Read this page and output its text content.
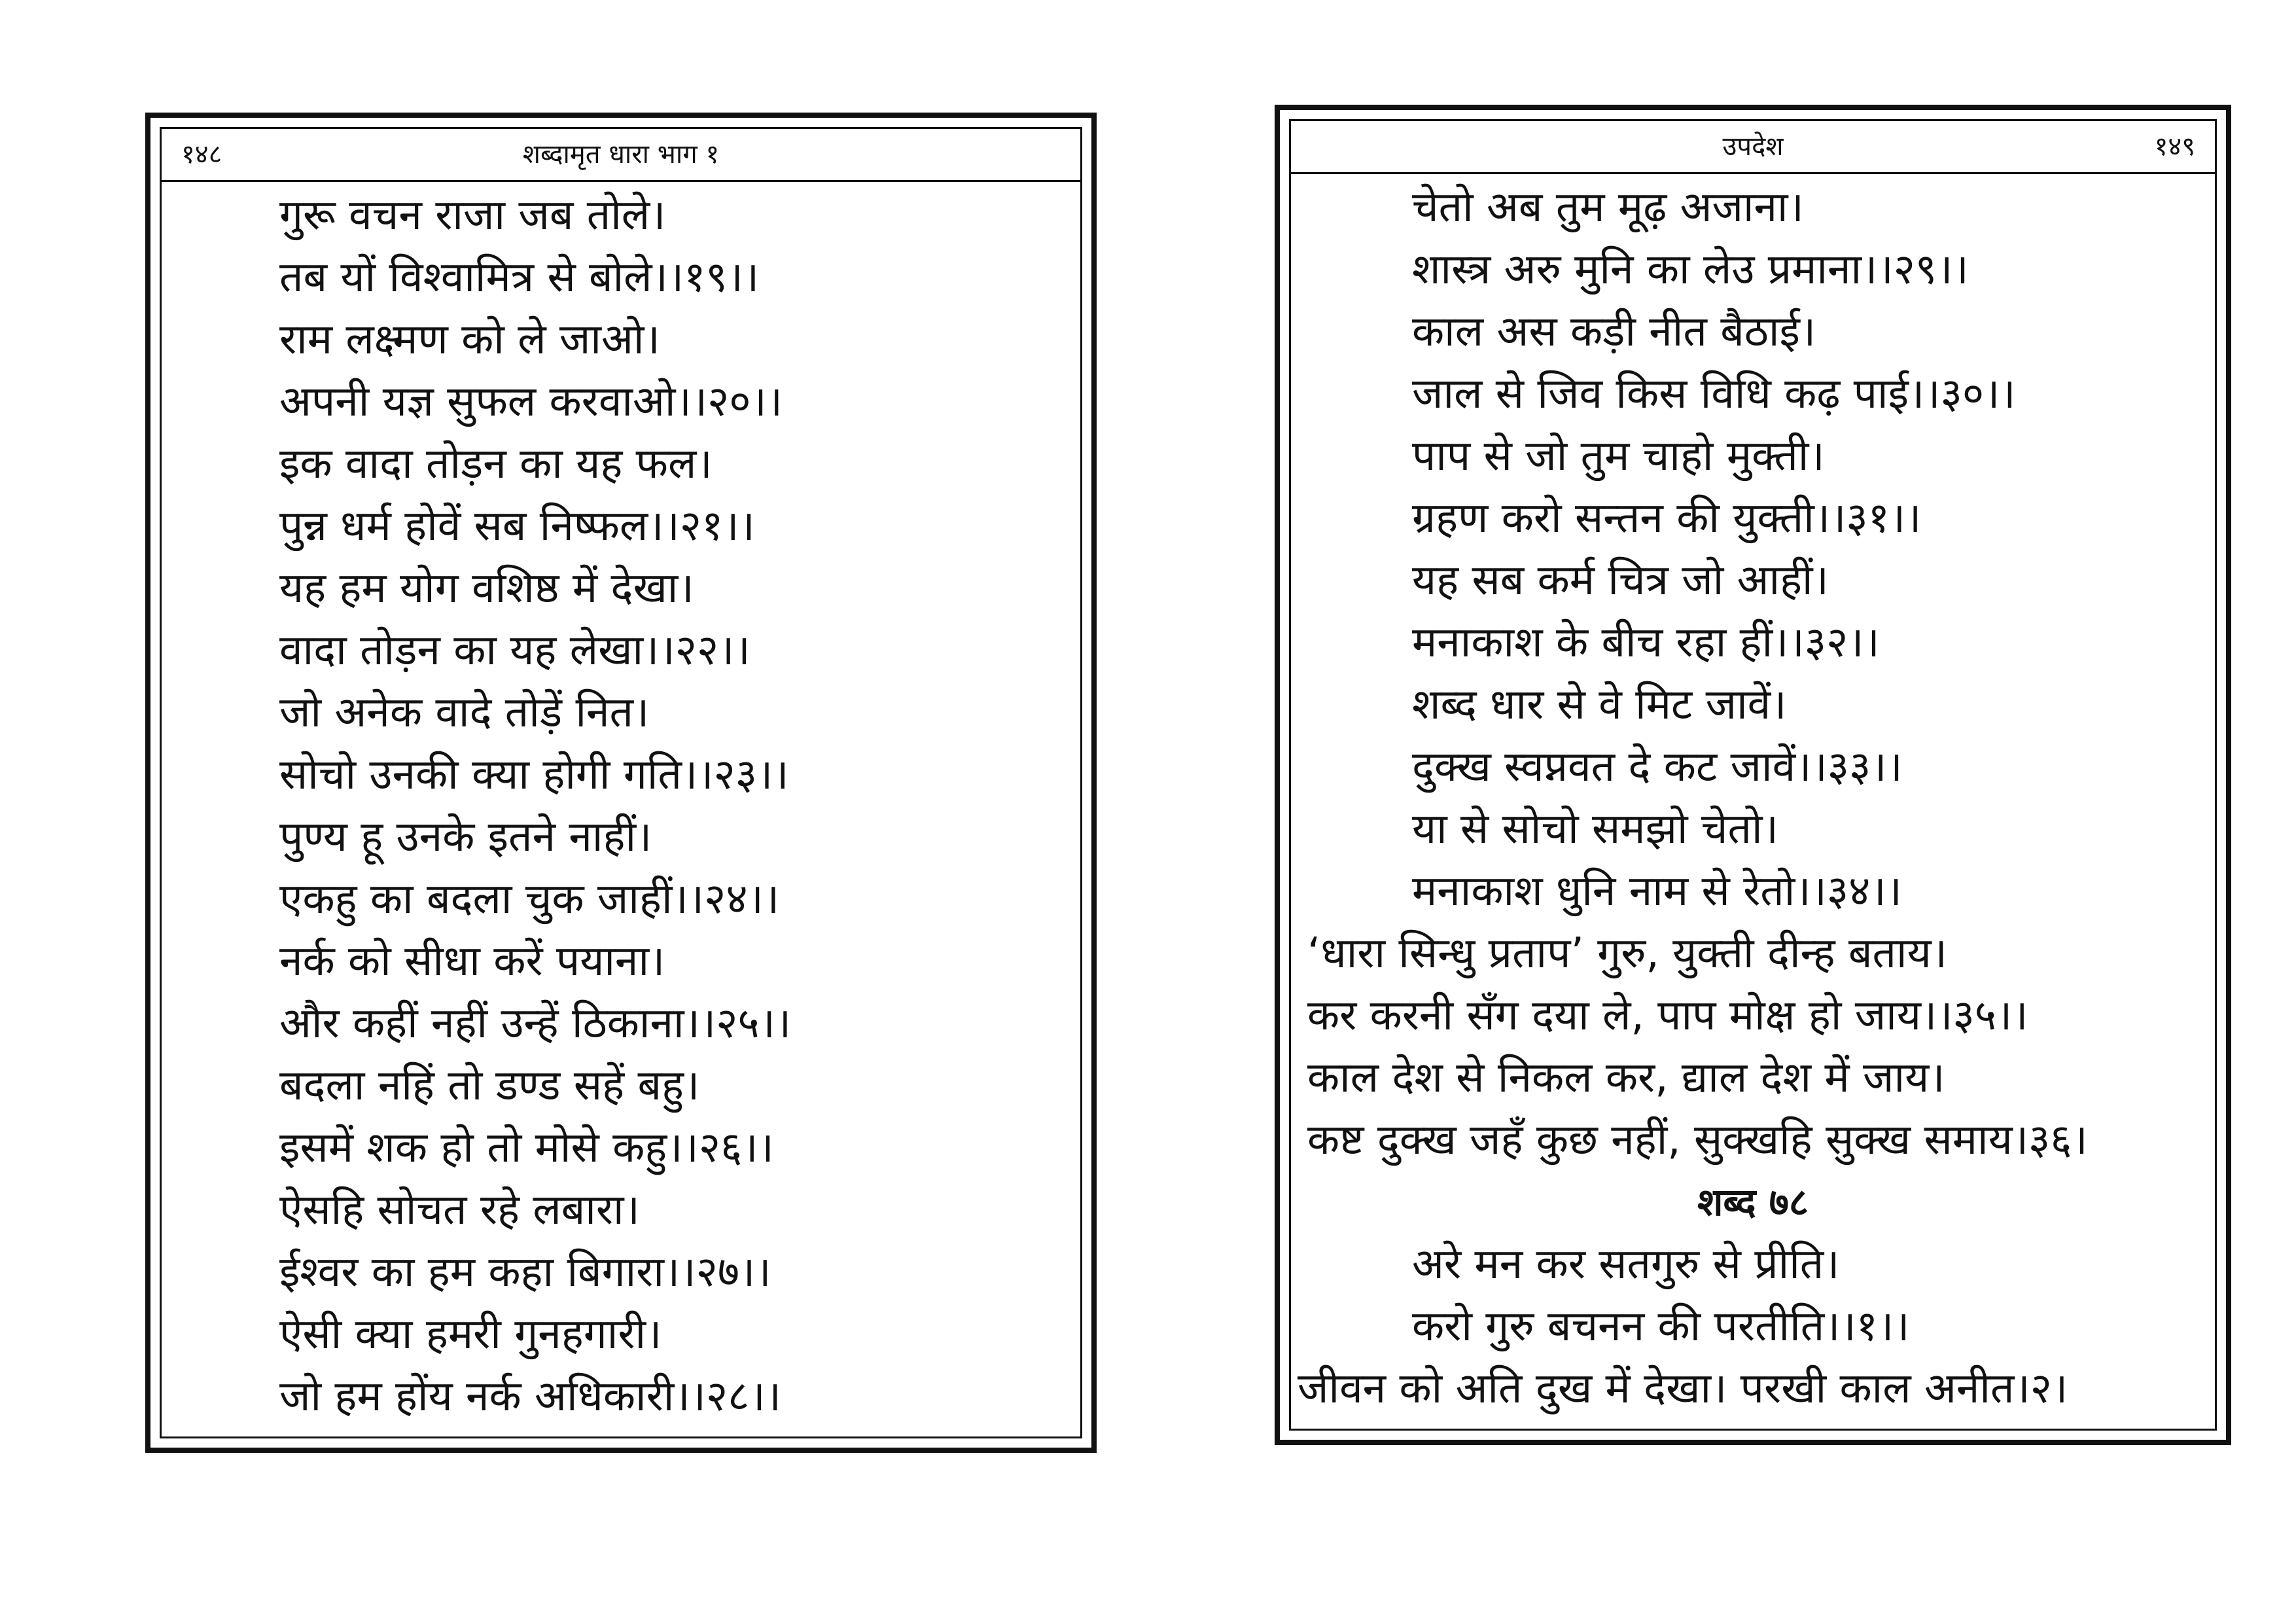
१४८	शब्दामृत धारा भाग १
गुरू वचन राजा जब तोले।
तब यों विश्वामित्र से बोले।।१९।।
राम लक्ष्मण को ले जाओ।
अपनी यज्ञ सुफल करवाओ।।२०।।
इक वादा तोड़न का यह फल।
पुन्न धर्म होवें सब निष्फल।।२१।।
यह हम योग वशिष्ठ में देखा।
वादा तोड़न का यह लेखा।।२२।।
जो अनेक वादे तोड़ें नित।
सोचो उनकी क्या होगी गति।।२३।।
पुण्य हू उनके इतने नाहीं।
एकहु का बदला चुक जाहीं।।२४।।
नर्क को सीधा करें पयाना।
और कहीं नहीं उन्हें ठिकाना।।२५।।
बदला नहिं तो डण्ड सहें बहु।
इसमें शक हो तो मोसे कहु।।२६।।
ऐसहि सोचत रहे लबारा।
ईश्वर का हम कहा बिगारा।।२७।।
ऐसी क्या हमरी गुनहगारी।
जो हम होंय नर्क अधिकारी।।२८।।
उपदेश	१४९
चेतो अब तुम मूढ़ अजाना।
शास्त्र अरु मुनि का लेउ प्रमाना।।२९।।
काल अस कड़ी नीत बैठाई।
जाल से जिव किस विधि कढ़ पाई।।३०।।
पाप से जो तुम चाहो मुक्ती।
ग्रहण करो सन्तन की युक्ती।।३१।।
यह सब कर्म चित्र जो आहीं।
मनाकाश के बीच रहा हीं।।३२।।
शब्द धार से वे मिट जावें।
दुक्ख स्वप्नवत दे कट जावें।।३३।।
या से सोचो समझो चेतो।
मनाकाश धुनि नाम से रेतो।।३४।।
‘धारा सिन्धु प्रताप’ गुरु, युक्ती दीन्ह बताय।
कर करनी सँग दया ले, पाप मोक्ष हो जाय।।३५।।
काल देश से निकल कर, द्याल देश में जाय।
कष्ट दुक्ख जहँ कुछ नहीं, सुक्खहि सुक्ख समाय।३६।
शब्द ७८
अरे मन कर सतगुरु से प्रीति।
करो गुरु बचनन की परतीति।।१।।
जीवन को अति दुख में देखा। परखी काल अनीत।२।
